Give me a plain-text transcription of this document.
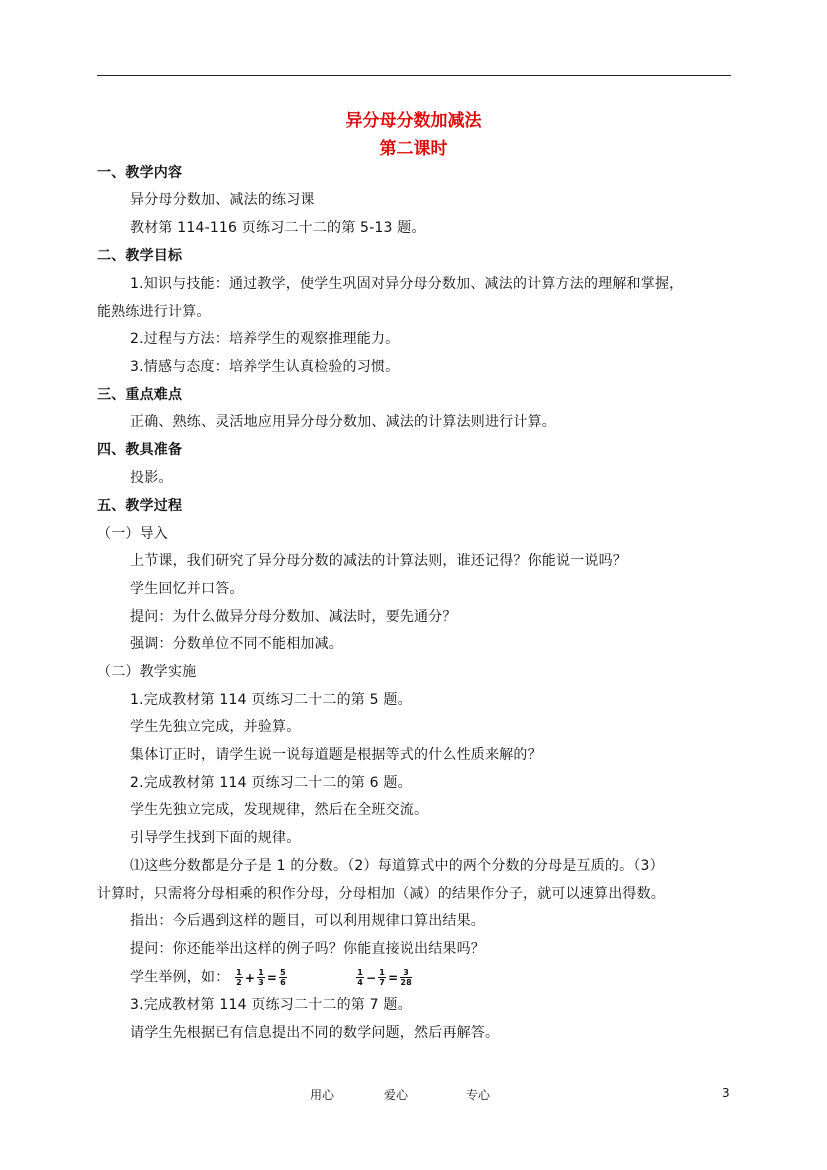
异分母分数加减法
第二课时
一、教学内容
异分母分数加、减法的练习课
教材第 114-116 页练习二十二的第 5-13 题。
二、教学目标
1.知识与技能：通过教学，使学生巩固对异分母分数加、减法的计算方法的理解和掌握，
能熟练进行计算。
2.过程与方法：培养学生的观察推理能力。
3.情感与态度：培养学生认真检验的习惯。
三、重点难点
正确、熟练、灵活地应用异分母分数加、减法的计算法则进行计算。
四、教具准备
投影。
五、教学过程
（一）导入
上节课，我们研究了异分母分数的减法的计算法则，谁还记得？你能说一说吗？
学生回忆并口答。
提问：为什么做异分母分数加、减法时，要先通分？
强调：分数单位不同不能相加减。
（二）教学实施
1.完成教材第 114 页练习二十二的第 5 题。
学生先独立完成，并验算。
集体订正时，请学生说一说每道题是根据等式的什么性质来解的？
2.完成教材第 114 页练习二十二的第 6 题。
学生先独立完成，发现规律，然后在全班交流。
引导学生找到下面的规律。
⑴这些分数都是分子是 1 的分数。（2）每道算式中的两个分数的分母是互质的。（3）
计算时，只需将分母相乘的积作分母，分母相加（减）的结果作分子，就可以速算出得数。
指出：今后遇到这样的题目，可以利用规律口算出结果。
提问：你还能举出这样的例子吗？你能直接说出结果吗？
学生举例，如： $\frac{1}{2} + \frac{1}{3} = \frac{5}{6}$
	$\frac{1}{4} - \frac{1}{7} = \frac{3}{28}$
3.完成教材第 114 页练习二十二的第 7 题。
请学生先根据已有信息提出不同的数学问题，然后再解答。
用心	爱心	专心	3
